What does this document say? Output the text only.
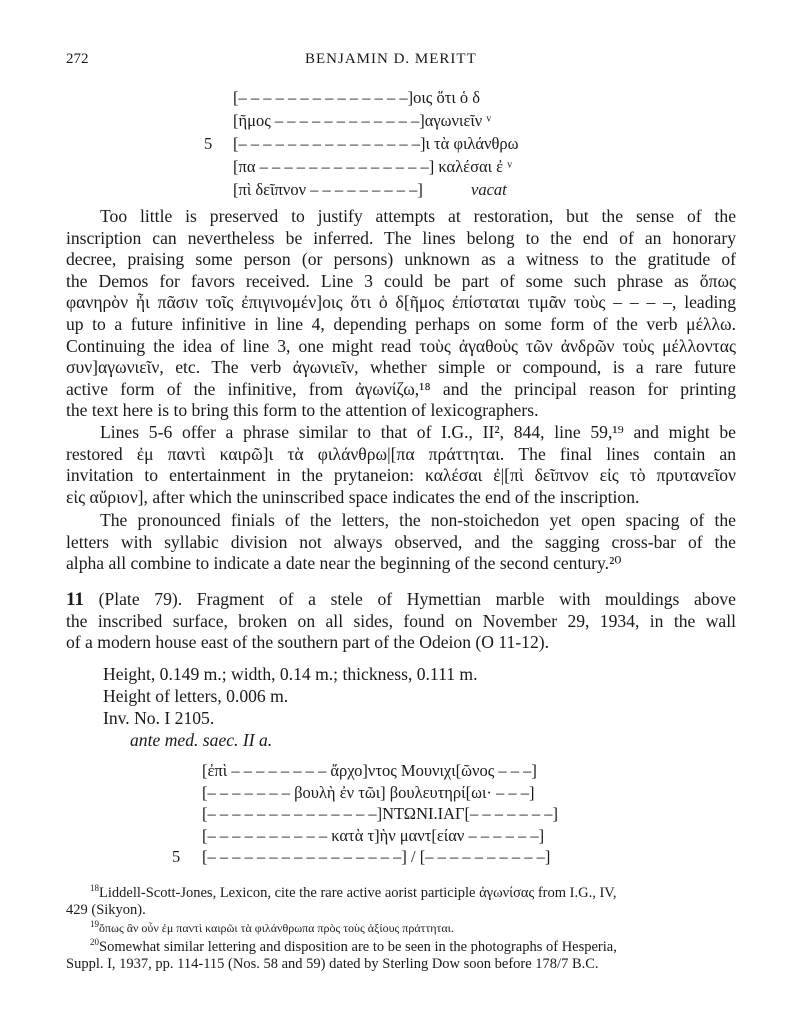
272	BENJAMIN D. MERITT
[– – – – – – – – – – – – – –]οις ὅτι ὁ δ
[ῆμος – – – – – – – – – – – –]αγωνιεῖν ᵛ
5 [– – – – – – – – – – – – – – –]ι τὰ φιλάνθρω
[πα – – – – – – – – – – – – – –] καλέσαι ἐ ᵛ
[πὶ δεῖπνον – – – – – – – – –]	vacat
Too little is preserved to justify attempts at restoration, but the sense of the
inscription can nevertheless be inferred. The lines belong to the end of an honorary
decree, praising some person (or persons) unknown as a witness to the gratitude of
the Demos for favors received. Line 3 could be part of some such phrase as ὅπως
φανηρὸν ἦι πᾶσιν τοῖς ἐπιγινομέν]οις ὅτι ὁ δ[ῆμος ἐπίσταται τιμᾶν τοὺς – – – –, leading
up to a future infinitive in line 4, depending perhaps on some form of the verb μέλλω.
Continuing the idea of line 3, one might read τοὺς ἀγαθοὺς τῶν ἀνδρῶν τοὺς μέλλοντας
συν]αγωνιεῖν, etc. The verb ἀγωνιεῖν, whether simple or compound, is a rare future
active form of the infinitive, from ἀγωνίζω,¹⁸ and the principal reason for printing
the text here is to bring this form to the attention of lexicographers.
Lines 5-6 offer a phrase similar to that of I.G., II², 844, line 59,¹⁹ and might be
restored ἐμ παντὶ καιρῶ]ι τὰ φιλάνθρω|[πα πράττηται. The final lines contain an
invitation to entertainment in the prytaneion: καλέσαι ἐ|[πὶ δεῖπνον εἰς τὸ πρυτανεῖον
εἰς αὔριον], after which the uninscribed space indicates the end of the inscription.
The pronounced finials of the letters, the non-stoichedon yet open spacing of the
letters with syllabic division not always observed, and the sagging cross-bar of the
alpha all combine to indicate a date near the beginning of the second century.²⁰
11 (Plate 79). Fragment of a stele of Hymettian marble with mouldings above
the inscribed surface, broken on all sides, found on November 29, 1934, in the wall
of a modern house east of the southern part of the Odeion (O 11-12).
Height, 0.149 m.; width, 0.14 m.; thickness, 0.111 m.
Height of letters, 0.006 m.
Inv. No. I 2105.
ante med. saec. II a.
[ἐπὶ – – – – – – – – ἄρχο]ντος Μουνιχι[ῶνος – – –]
[– – – – – – – βουλὴ ἐν τῶι] βουλευτηρί[ωι· – – –]
[– – – – – – – – – – – – – –]ΝΤΩΝΙ.ΙΑΓ[– – – – – – –]
[– – – – – – – – – – κατὰ τ]ὴν μαντ[είαν – – – – – –]
5 [– – – – – – – – – – – – – – – –] / [– – – – – – – – – –]
$^{18}$Liddell-Scott-Jones, Lexicon, cite the rare active aorist participle ἀγωνίσας from I.G., IV,
429 (Sikyon).
$^{19}$ὅπως ἂν οὖν ἐμ παντὶ καιρῶι τὰ φιλάνθρωπα πρὸς τοὺς ἀξίους πράττηται.
$^{20}$Somewhat similar lettering and disposition are to be seen in the photographs of Hesperia,
Suppl. I, 1937, pp. 114-115 (Nos. 58 and 59) dated by Sterling Dow soon before 178/7 B.C.
